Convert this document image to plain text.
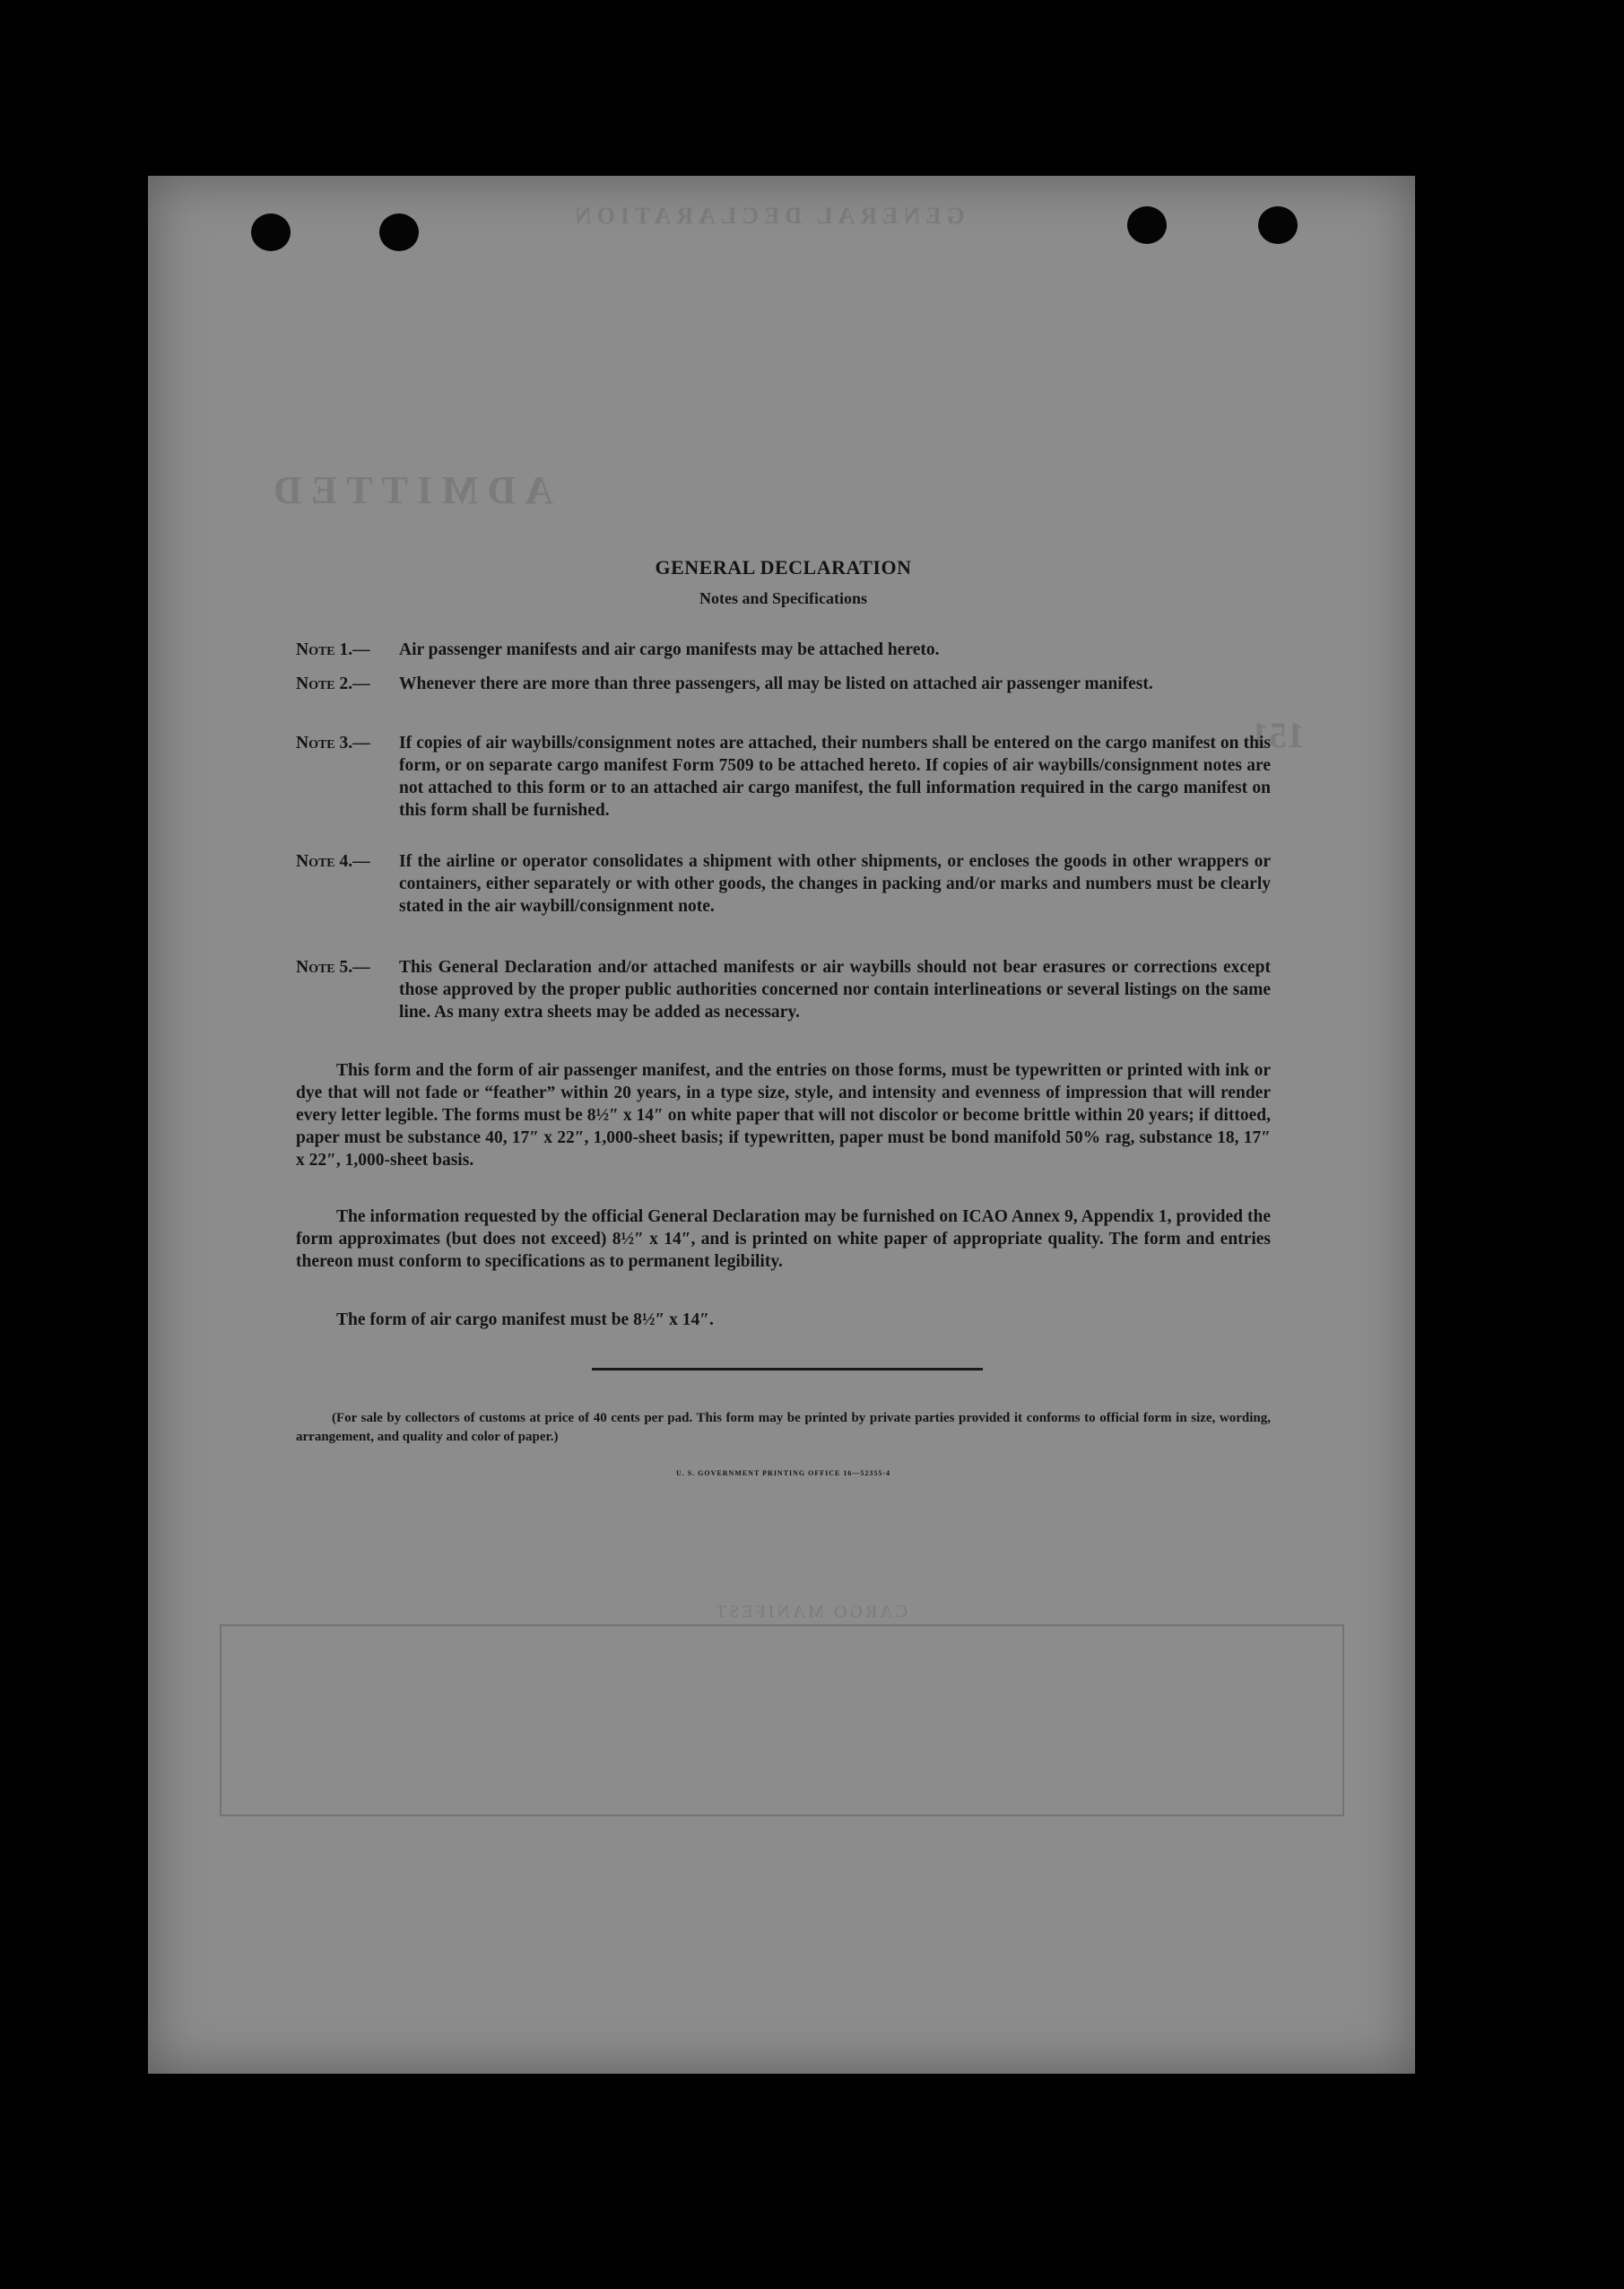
GENERAL DECLARATION
ADMITTED
151
CARGO MANIFEST
GENERAL DECLARATION
Notes and Specifications
Note 1.— Air passenger manifests and air cargo manifests may be attached hereto.
Note 2.— Whenever there are more than three passengers, all may be listed on attached air passenger manifest.
Note 3.— If copies of air waybills/consignment notes are attached, their numbers shall be entered on the cargo manifest on this form, or on separate cargo manifest Form 7509 to be attached hereto. If copies of air waybills/consignment notes are not attached to this form or to an attached air cargo manifest, the full information required in the cargo manifest on this form shall be furnished.
Note 4.— If the airline or operator consolidates a shipment with other shipments, or encloses the goods in other wrappers or containers, either separately or with other goods, the changes in packing and/or marks and numbers must be clearly stated in the air waybill/consignment note.
Note 5.— This General Declaration and/or attached manifests or air waybills should not bear erasures or corrections except those approved by the proper public authorities concerned nor contain interlineations or several listings on the same line. As many extra sheets may be added as necessary.
This form and the form of air passenger manifest, and the entries on those forms, must be typewritten or printed with ink or dye that will not fade or “feather” within 20 years, in a type size, style, and intensity and evenness of impression that will render every letter legible. The forms must be 8½″ x 14″ on white paper that will not discolor or become brittle within 20 years; if dittoed, paper must be substance 40, 17″ x 22″, 1,000-sheet basis; if typewritten, paper must be bond manifold 50% rag, substance 18, 17″ x 22″, 1,000-sheet basis.
The information requested by the official General Declaration may be furnished on ICAO Annex 9, Appendix 1, provided the form approximates (but does not exceed) 8½″ x 14″, and is printed on white paper of appropriate quality. The form and entries thereon must conform to specifications as to permanent legibility.
The form of air cargo manifest must be 8½″ x 14″.
(For sale by collectors of customs at price of 40 cents per pad. This form may be printed by private parties provided it conforms to official form in size, wording, arrangement, and quality and color of paper.)
U. S. GOVERNMENT PRINTING OFFICE 16—52355-4
